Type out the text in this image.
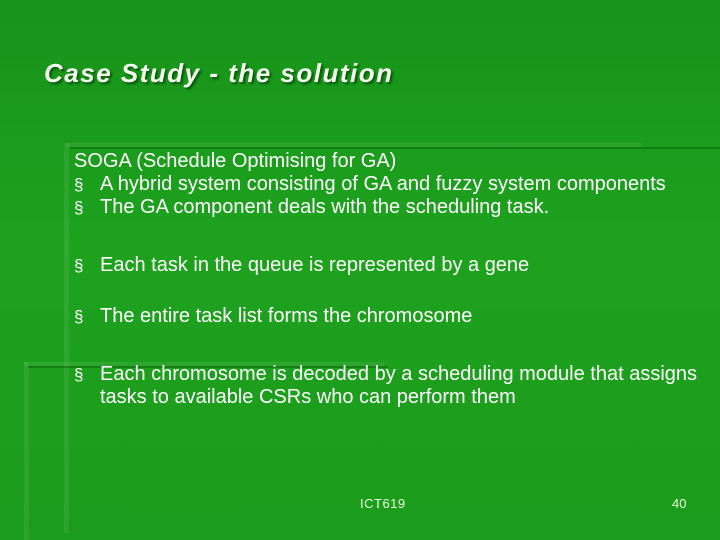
Case Study - the solution

SOGA (Schedule Optimising for GA)

§ A hybrid system consisting of GA and fuzzy system components

§ The GA component deals with the scheduling task.

§ Each task in the queue is represented by a gene

§ The entire task list forms the chromosome

§ Each chromosome is decoded by a scheduling module that assigns tasks to available CSRs who can perform them

ICT619	40
